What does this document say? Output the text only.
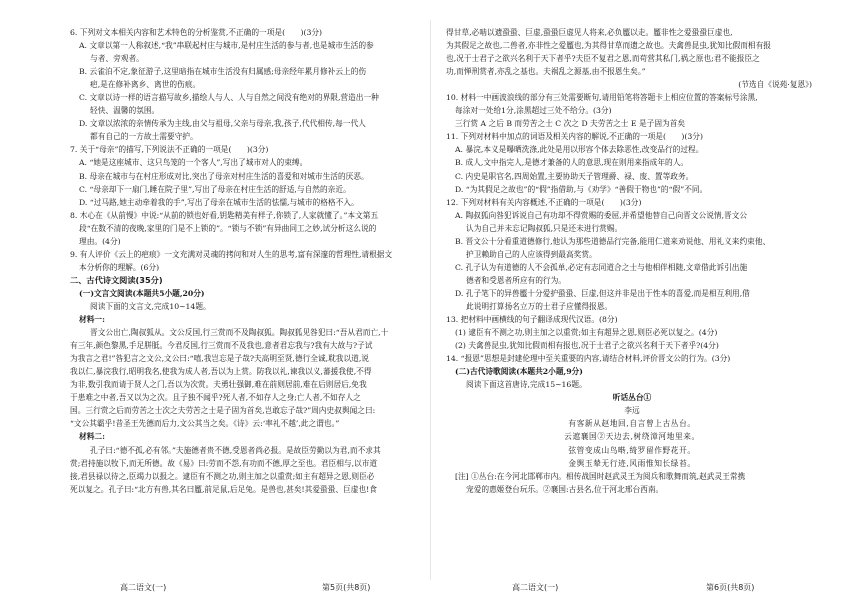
6. 下列对文本相关内容和艺术特色的分析鉴赏,不正确的一项是(　　)(3分)

A. 文章以第一人称叙述,“我”串联起村庄与城市,是村庄生活的参与者,也是城市生活的参

与者、旁观者。

B. 云雀泊不定,象征游子,这里暗指在城市生活没有归属感;母亲经年累月修补云上的伤

疤,是在修补离乡、离世的伤痕。

C. 文章以诗一样的语言描写故乡,描绘人与人、人与自然之间没有绝对的界限,营造出一种

轻快、温馨的氛围。

D. 文章以浓浓的亲情传承为主线,由父与祖母,父亲与母亲,我,孩子,代代相传,每一代人

都有自己的一方故土需要守护。

7. 关于“母亲”的描写,下列说法不正确的一项是(　　)(3分)

A. “她是这座城市、这只鸟笼的一个客人”,写出了城市对人的束缚。

B. 母亲在城市与在村庄形成对比,突出了母亲对村庄生活的喜爱和对城市生活的厌恶。

C. “母亲却下一扇门,睡在院子里”,写出了母亲在村庄生活的舒适,与自然的亲近。

D. “过马路,她主动牵着我的手”,写出了母亲在城市生活的怯懦,与城市的格格不入。

8. 木心在《从前慢》中说:“从前的锁也好看,钥匙精美有样子,你锁了,人家就懂了。”本文第五

段“在数不清的夜晚,家里的门是不上锁的”。“锁与不锁”有异曲同工之妙,试分析这么说的

理由。(4分)

9. 有人评价《云上的疤痕》一文充满对灵魂的拷问和对人生的思考,富有深邃的哲理性,请根据文

本分析你的理解。(6分)

二、古代诗文阅读(35分)

(一)文言文阅读(本题共5小题,20分)

阅读下面的文言文,完成10~14题。

材料一:

晋文公出亡,陶叔狐从。文公反国,行三赏而不及陶叔狐。陶叔狐见咎犯曰:“吾从君而亡,十

有三年,颜色黎黑,手足胼胝。今君反国,行三赏而不及我也,意者君忘我与?我有大故与?子试

为我言之君!”咎犯言之文公,文公曰:“嘻,我岂忘是子哉?夫高明至贤,德行全诚,耽我以道,说

我以仁,暴浣我行,昭明我名,使我为成人者,吾以为上赏。防我以礼,谏我以义,蕃援我使,不得

为非,数引我而请于贤人之门,吾以为次赏。夫勇壮强御,难在前则居前,难在后则居后,免我

于患难之中者,吾又以为之次。且子独不闻乎?死人者,不如存人之身;亡人者,不如存人之

国。三行赏之后而劳苦之士次之夫劳苦之士是子固为首矣,岂敢忘子哉?”周内史叔舆闻之曰:

“文公其霸乎!昔圣王先德而后力,文公其当之矣。《诗》云:‘率礼不越’,此之谓也。”

材料二:

孔子曰:“德不孤,必有邻。”夫施德者贵不德,受恩者尚必报。是故臣劳勤以为君,而不求其

赏;君持施以牧下,而无所德。故《易》曰:劳而不怨,有功而不德,厚之至也。君臣相与,以市道

接,君县禄以待之,臣竭力以报之。逮臣有不测之功,则主加之以重赏;如主有超异之恩,则臣必

死以复之。孔子曰:“北方有兽,其名曰蟨,前足鼠,后足兔。是兽也,甚矣!其爱蛩蛩、巨虚也!食

得甘草,必啮以遗蛩蛩、巨虚,蛩蛩巨虚见人将来,必负蟨以走。蟨非性之爱蛩蛩巨虚也,

为其假足之故也,二兽者,亦非性之爱蟨也,为其得甘草而遗之故也。夫禽兽昆虫,犹知比假而相有报

也,况于士君子之欲兴名利于天下者乎?夫臣不复君之恩,而苟营其私门,祸之原也;君不能报臣之

功,而惮刑赏者,亦乱之基也。夫祸乱之源基,由不报恩生矣。”

(节选自《说苑·复恩》)

10. 材料一中画波浪线的部分有三处需要断句,请用铅笔将答题卡上相应位置的答案标号涂黑,

每涂对一处给1分,涂黑超过三处不给分。(3分)

三行赏 A 之后 B 而劳苦之士 C 次之 D 夫劳苦之士 E 是子固为首矣

11. 下列对材料中加点的词语及相关内容的解说,不正确的一项是(　　)(3分)

A. 暴浣,本义是曝晒洗涤,此处是用以形容个体去除恶性,改变品行的过程。

B. 成人,文中指完人,是德才兼备的人的意思,现在则用来指成年的人。

C. 内史是职官名,四周始置,主要协助天子管理爵、禄、废、置等政务。

D. “为其假足之故也”的“假”指借助,与《劝学》“善假于物也”的“假”不同。

12. 下列对材料有关内容概述,不正确的一项是(　　)(3分)

A. 陶叔狐向咎犯诉说自己有功却不得赏赐的委屈,并希望他替自己向晋文公说情,晋文公

认为自己并未忘记陶叔狐,只是还未进行赏赐。

B. 晋文公十分看重道德修行,他认为那些道德品行完备,能用仁道来劝说他、用礼义来约束他、

护卫赖助自己的人应该得到最高奖赏。

C. 孔子认为有道德的人不会孤单,必定有志同道合之士与他相伴相随,文章借此诉引出施

德者和受恩者所应有的行为。

D. 孔子笔下的异兽蟨十分爱护蛩蛩、巨虚,但这并非是出于性本的喜爱,而是相互利用,借

此说明打算扬名立万的士君子应懂得报恩。

13. 把材料中画横线的句子翻译成现代汉语。(8分)

(1) 逮臣有不测之功,则主加之以重赏;如主有超异之恩,则臣必死以复之。(4分)

(2) 夫禽兽昆虫,犹知比假而相有报也,况于士君子之欲兴名利于天下者乎?(4分)

14. “报恩”思想是封建伦理中至关重要的内容,请结合材料,评价晋文公的行为。(3分)

(二)古代诗歌阅读(本题共2小题,9分)

阅读下面这首唐诗,完成15~16题。

听话丛台①

李远

有客新从赵地回,自言曾上古丛台。

云遮襄国②天边去,树绕漳河地里来。

弦管变成山鸟啭,绮罗留作野花开。

金舆玉辇无行迹,风雨惟知长绿苔。

[注] ①丛台:在今河北邯郸市内。相传战国时赵武灵王为阅兵和歌舞而筑,赵武灵王常携

宠爱的惠姬登台玩乐。②襄国:古县名,位于河北邢台西南。

高二语文(一)	第5页(共8页)	高二语文(一)	第6页(共8页)
